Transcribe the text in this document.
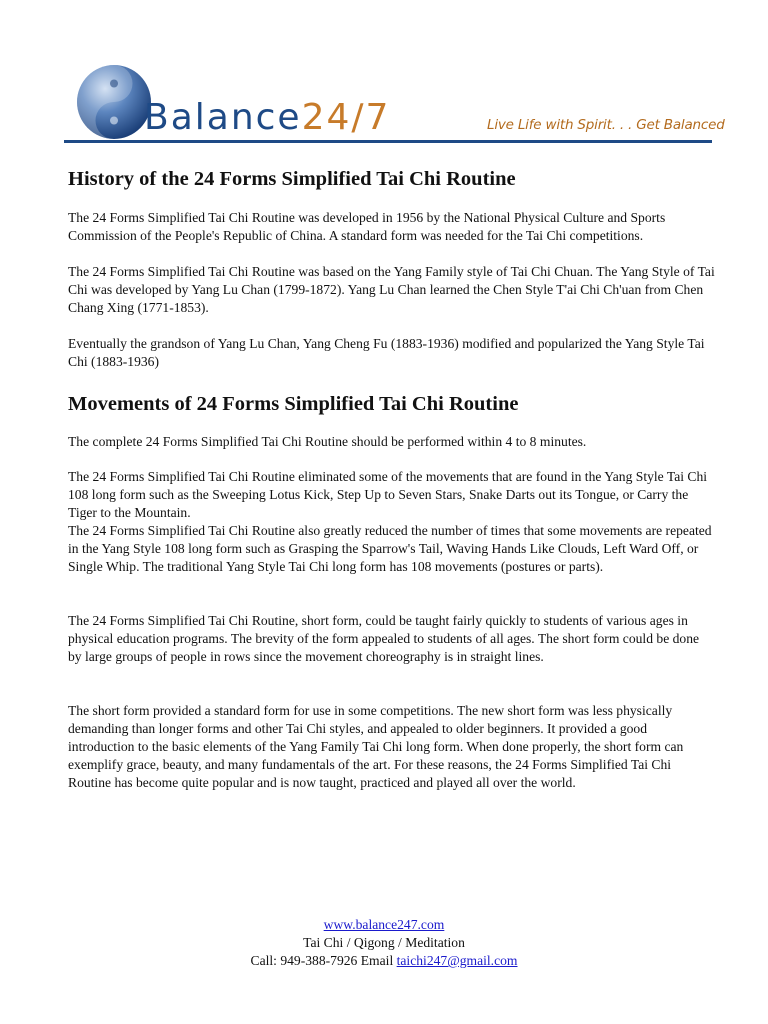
Balance24/7	Live Life with Spirit. . . Get Balanced
History of the 24 Forms Simplified Tai Chi Routine

The 24 Forms Simplified Tai Chi Routine was developed in 1956 by the National Physical Culture and Sports Commission of the People's Republic of China. A standard form was needed for the Tai Chi competitions.

The 24 Forms Simplified Tai Chi Routine was based on the Yang Family style of Tai Chi Chuan. The Yang Style of Tai Chi was developed by Yang Lu Chan (1799-1872). Yang Lu Chan learned the Chen Style T'ai Chi Ch'uan from Chen Chang Xing (1771-1853).

Eventually the grandson of Yang Lu Chan, Yang Cheng Fu (1883-1936) modified and popularized the Yang Style Tai Chi (1883-1936)

Movements of 24 Forms Simplified Tai Chi Routine

The complete 24 Forms Simplified Tai Chi Routine should be performed within 4 to 8 minutes.

The 24 Forms Simplified Tai Chi Routine eliminated some of the movements that are found in the Yang Style Tai Chi 108 long form such as the Sweeping Lotus Kick, Step Up to Seven Stars, Snake Darts out its Tongue, or Carry the Tiger to the Mountain.

The 24 Forms Simplified Tai Chi Routine also greatly reduced the number of times that some movements are repeated in the Yang Style 108 long form such as Grasping the Sparrow's Tail, Waving Hands Like Clouds, Left Ward Off, or Single Whip. The traditional Yang Style Tai Chi long form has 108 movements (postures or parts).

The 24 Forms Simplified Tai Chi Routine, short form, could be taught fairly quickly to students of various ages in physical education programs. The brevity of the form appealed to students of all ages. The short form could be done by large groups of people in rows since the movement choreography is in straight lines.

The short form provided a standard form for use in some competitions. The new short form was less physically demanding than longer forms and other Tai Chi styles, and appealed to older beginners. It provided a good introduction to the basic elements of the Yang Family Tai Chi long form. When done properly, the short form can exemplify grace, beauty, and many fundamentals of the art. For these reasons, the 24 Forms Simplified Tai Chi Routine has become quite popular and is now taught, practiced and played all over the world.

www.balance247.com
Tai Chi / Qigong / Meditation
Call: 949-388-7926 Email taichi247@gmail.com
